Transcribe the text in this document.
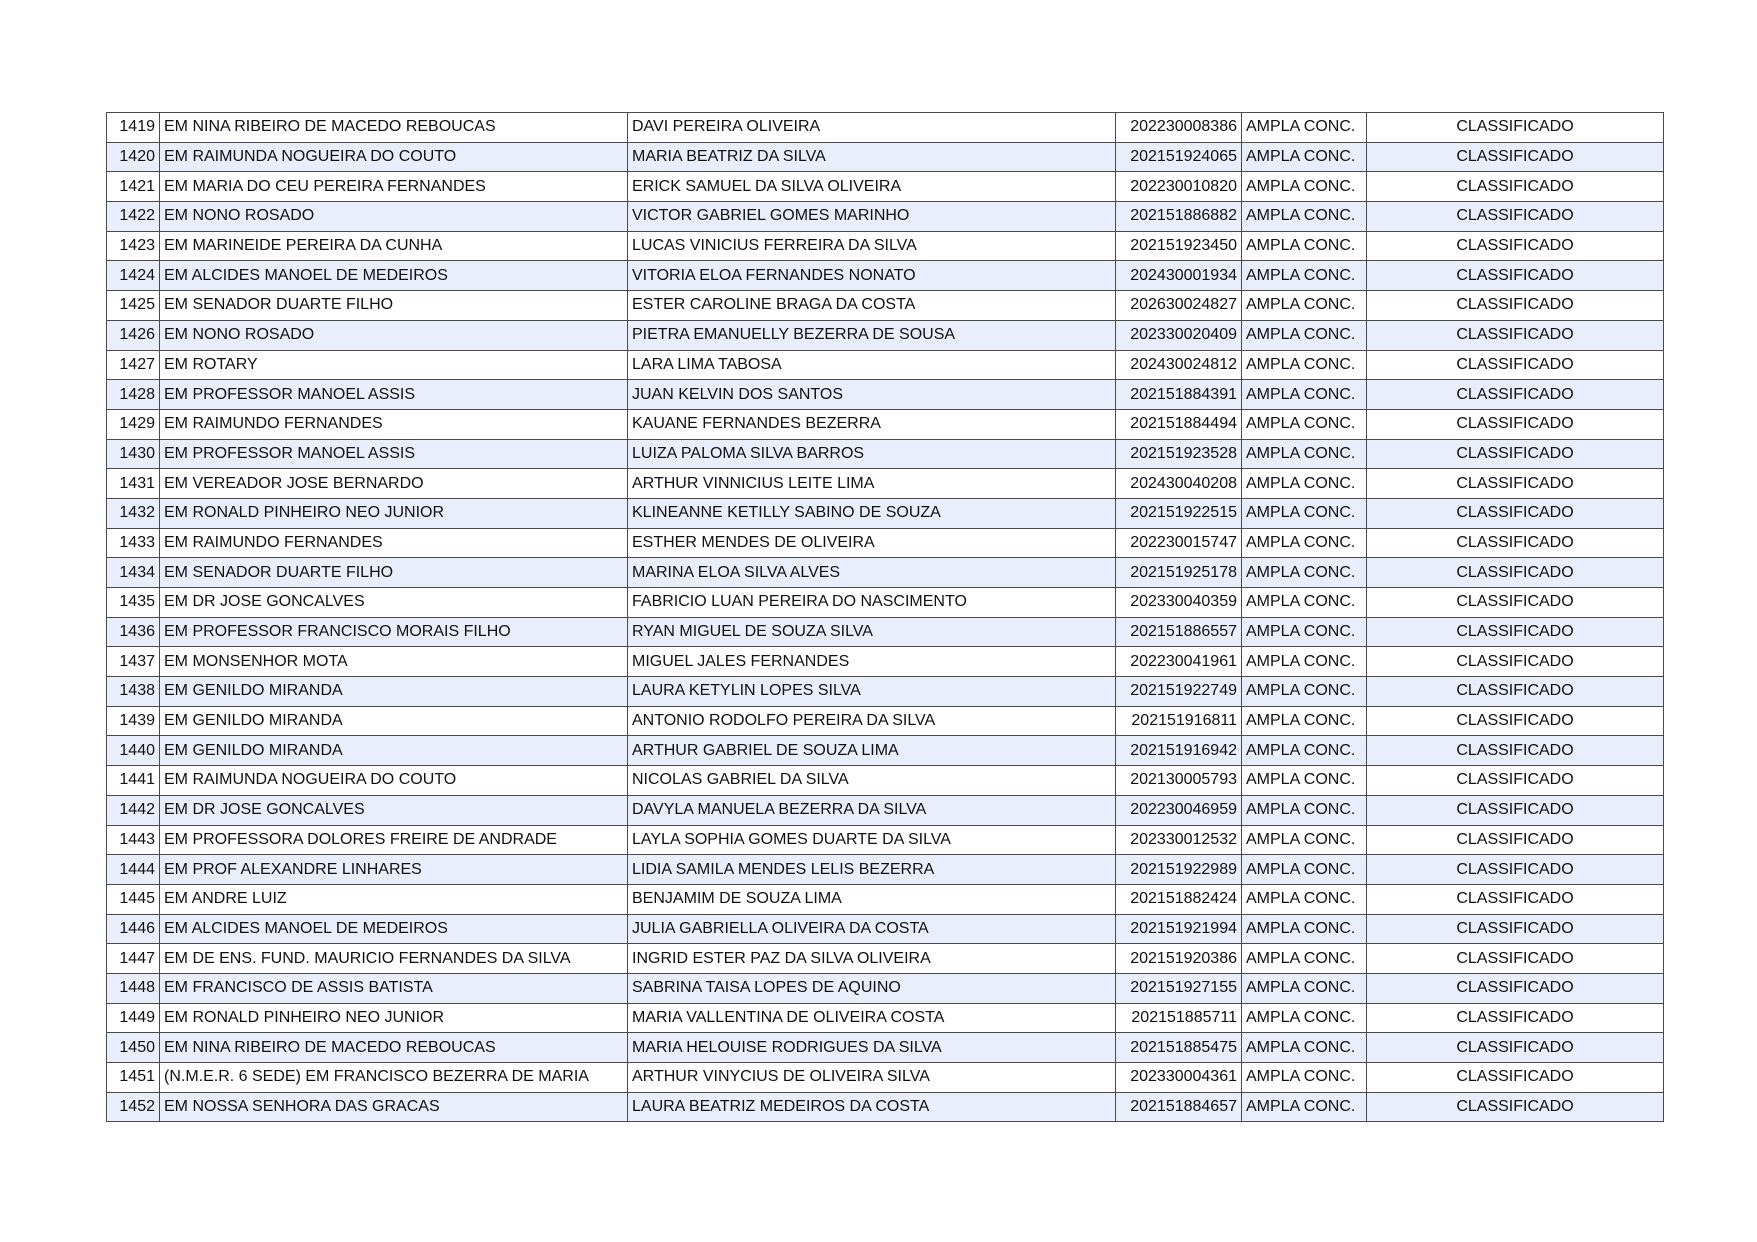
1419	EM NINA RIBEIRO DE MACEDO REBOUCAS	DAVI PEREIRA OLIVEIRA	202230008386	AMPLA CONC.	CLASSIFICADO
1420	EM RAIMUNDA NOGUEIRA DO COUTO	MARIA BEATRIZ DA SILVA	202151924065	AMPLA CONC.	CLASSIFICADO
1421	EM MARIA DO CEU PEREIRA FERNANDES	ERICK SAMUEL DA SILVA OLIVEIRA	202230010820	AMPLA CONC.	CLASSIFICADO
1422	EM NONO ROSADO	VICTOR GABRIEL GOMES MARINHO	202151886882	AMPLA CONC.	CLASSIFICADO
1423	EM MARINEIDE PEREIRA DA CUNHA	LUCAS VINICIUS FERREIRA DA SILVA	202151923450	AMPLA CONC.	CLASSIFICADO
1424	EM ALCIDES MANOEL DE MEDEIROS	VITORIA ELOA FERNANDES NONATO	202430001934	AMPLA CONC.	CLASSIFICADO
1425	EM SENADOR DUARTE FILHO	ESTER CAROLINE BRAGA DA COSTA	202630024827	AMPLA CONC.	CLASSIFICADO
1426	EM NONO ROSADO	PIETRA EMANUELLY BEZERRA DE SOUSA	202330020409	AMPLA CONC.	CLASSIFICADO
1427	EM ROTARY	LARA LIMA TABOSA	202430024812	AMPLA CONC.	CLASSIFICADO
1428	EM PROFESSOR MANOEL ASSIS	JUAN KELVIN DOS SANTOS	202151884391	AMPLA CONC.	CLASSIFICADO
1429	EM RAIMUNDO FERNANDES	KAUANE FERNANDES BEZERRA	202151884494	AMPLA CONC.	CLASSIFICADO
1430	EM PROFESSOR MANOEL ASSIS	LUIZA PALOMA SILVA BARROS	202151923528	AMPLA CONC.	CLASSIFICADO
1431	EM VEREADOR JOSE BERNARDO	ARTHUR VINNICIUS LEITE LIMA	202430040208	AMPLA CONC.	CLASSIFICADO
1432	EM RONALD PINHEIRO NEO JUNIOR	KLINEANNE KETILLY SABINO DE SOUZA	202151922515	AMPLA CONC.	CLASSIFICADO
1433	EM RAIMUNDO FERNANDES	ESTHER MENDES DE OLIVEIRA	202230015747	AMPLA CONC.	CLASSIFICADO
1434	EM SENADOR DUARTE FILHO	MARINA ELOA SILVA ALVES	202151925178	AMPLA CONC.	CLASSIFICADO
1435	EM DR JOSE GONCALVES	FABRICIO LUAN PEREIRA DO NASCIMENTO	202330040359	AMPLA CONC.	CLASSIFICADO
1436	EM PROFESSOR FRANCISCO MORAIS FILHO	RYAN MIGUEL DE SOUZA SILVA	202151886557	AMPLA CONC.	CLASSIFICADO
1437	EM MONSENHOR MOTA	MIGUEL JALES FERNANDES	202230041961	AMPLA CONC.	CLASSIFICADO
1438	EM GENILDO MIRANDA	LAURA KETYLIN LOPES SILVA	202151922749	AMPLA CONC.	CLASSIFICADO
1439	EM GENILDO MIRANDA	ANTONIO RODOLFO PEREIRA DA SILVA	202151916811	AMPLA CONC.	CLASSIFICADO
1440	EM GENILDO MIRANDA	ARTHUR GABRIEL DE SOUZA LIMA	202151916942	AMPLA CONC.	CLASSIFICADO
1441	EM RAIMUNDA NOGUEIRA DO COUTO	NICOLAS GABRIEL DA SILVA	202130005793	AMPLA CONC.	CLASSIFICADO
1442	EM DR JOSE GONCALVES	DAVYLA MANUELA BEZERRA DA SILVA	202230046959	AMPLA CONC.	CLASSIFICADO
1443	EM PROFESSORA DOLORES FREIRE DE ANDRADE	LAYLA SOPHIA GOMES DUARTE DA SILVA	202330012532	AMPLA CONC.	CLASSIFICADO
1444	EM PROF ALEXANDRE LINHARES	LIDIA SAMILA MENDES LELIS BEZERRA	202151922989	AMPLA CONC.	CLASSIFICADO
1445	EM ANDRE LUIZ	BENJAMIM DE SOUZA LIMA	202151882424	AMPLA CONC.	CLASSIFICADO
1446	EM ALCIDES MANOEL DE MEDEIROS	JULIA GABRIELLA OLIVEIRA DA COSTA	202151921994	AMPLA CONC.	CLASSIFICADO
1447	EM DE ENS. FUND. MAURICIO FERNANDES DA SILVA	INGRID ESTER PAZ DA SILVA OLIVEIRA	202151920386	AMPLA CONC.	CLASSIFICADO
1448	EM FRANCISCO DE ASSIS BATISTA	SABRINA TAISA LOPES DE AQUINO	202151927155	AMPLA CONC.	CLASSIFICADO
1449	EM RONALD PINHEIRO NEO JUNIOR	MARIA VALLENTINA DE OLIVEIRA COSTA	202151885711	AMPLA CONC.	CLASSIFICADO
1450	EM NINA RIBEIRO DE MACEDO REBOUCAS	MARIA HELOUISE RODRIGUES DA SILVA	202151885475	AMPLA CONC.	CLASSIFICADO
1451	(N.M.E.R. 6 SEDE) EM FRANCISCO BEZERRA DE MARIA	ARTHUR VINYCIUS DE OLIVEIRA SILVA	202330004361	AMPLA CONC.	CLASSIFICADO
1452	EM NOSSA SENHORA DAS GRACAS	LAURA BEATRIZ MEDEIROS DA COSTA	202151884657	AMPLA CONC.	CLASSIFICADO
